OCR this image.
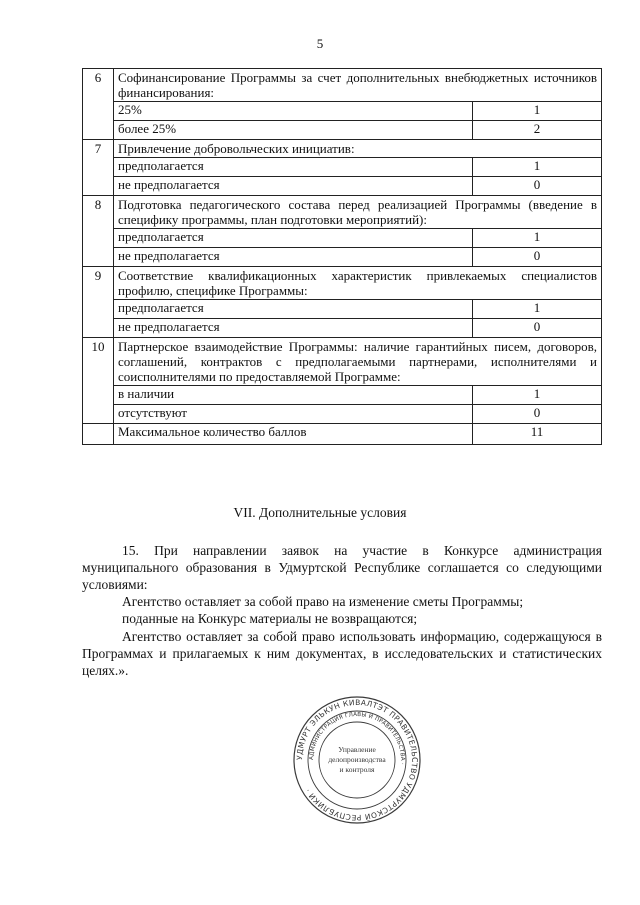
5
6	Софинансирование Программы за счет дополнительных внебюджетных источников финансирования:	
	25%	1
	более 25%	2
7	Привлечение добровольческих инициатив:	
	предполагается	1
	не предполагается	0
8	Подготовка педагогического состава перед реализацией Программы (введение в специфику программы, план подготовки мероприятий):	
	предполагается	1
	не предполагается	0
9	Соответствие квалификационных характеристик привлекаемых специалистов профилю, специфике Программы:	
	предполагается	1
	не предполагается	0
10	Партнерское взаимодействие Программы: наличие гарантийных писем, договоров, соглашений, контрактов с предполагаемыми партнерами, исполнителями и соисполнителями по предоставляемой Программе:	
	в наличии	1
	отсутствуют	0
	Максимальное количество баллов	11
VII. Дополнительные условия

15. При направлении заявок на участие в Конкурсе администрация муниципального образования в Удмуртской Республике соглашается со следующими условиями:

Агентство оставляет за собой право на изменение сметы Программы;

поданные на Конкурс материалы не возвращаются;

Агентство оставляет за собой право использовать информацию, содержащуюся в Программах и прилагаемых к ним документах, в исследовательских и статистических целях.».

УДМУРТ ЭЛЬКУН КИВАЛТЭТ ПРАВИТЕЛЬСТВО УДМУРТСКОЙ РЕСПУБЛИКИ ·
АДМИНИСТРАЦИЯ ГЛАВЫ И ПРАВИТЕЛЬСТВА ·
Управление
делопроизводства
и контроля
